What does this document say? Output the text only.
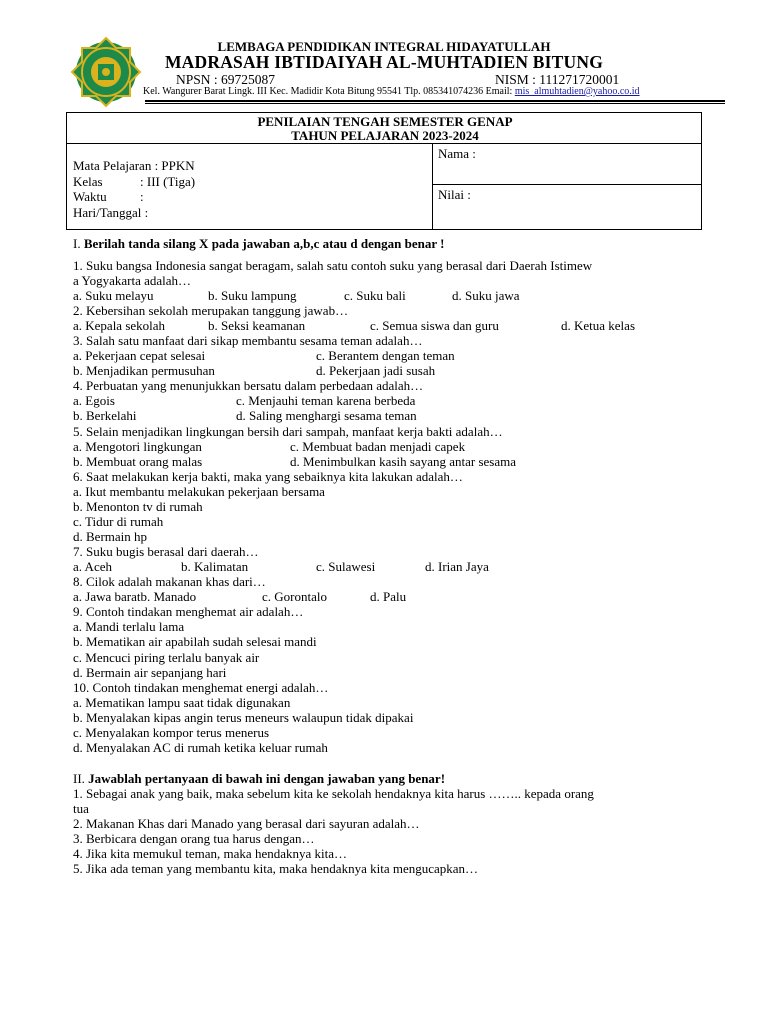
LEMBAGA PENDIDIKAN INTEGRAL HIDAYATULLAH
MADRASAH IBTIDAIYAH AL-MUHTADIEN BITUNG
NPSN : 69725087	NISM : 111271720001
Kel. Wangurer Barat Lingk. III Kec. Madidir Kota Bitung 95541 Tlp. 085341074236 Email: mis_almuhtadien@yahoo.co.id
PENILAIAN TENGAH SEMESTER GENAP
TAHUN PELAJARAN 2023-2024
Mata Pelajaran : PPKN
Kelas	: III (Tiga)
Waktu	:
Hari/Tanggal :
Nama :
Nilai :
I. Berilah tanda silang X pada jawaban a,b,c atau d dengan benar !
1. Suku bangsa Indonesia sangat beragam, salah satu contoh suku yang berasal dari Daerah Istimew
a Yogyakarta adalah…
a. Suku melayu	b. Suku lampung	c. Suku bali	d. Suku jawa
2. Kebersihan sekolah merupakan tanggung jawab…
a. Kepala sekolah	b. Seksi keamanan	c. Semua siswa dan guru	d. Ketua kelas
3. Salah satu manfaat dari sikap membantu sesama teman adalah…
a. Pekerjaan cepat selesai	c. Berantem dengan teman
b. Menjadikan permusuhan	d. Pekerjaan jadi susah
4. Perbuatan yang menunjukkan bersatu dalam perbedaan adalah…
a. Egois	c. Menjauhi teman karena berbeda
b. Berkelahi	d. Saling menghargi sesama teman
5. Selain menjadikan lingkungan bersih dari sampah, manfaat kerja bakti adalah…
a. Mengotori lingkungan	c. Membuat badan menjadi capek
b. Membuat orang malas	d. Menimbulkan kasih sayang antar sesama
6. Saat melakukan kerja bakti, maka yang sebaiknya kita lakukan adalah…
a. Ikut membantu melakukan pekerjaan bersama
b. Menonton tv di rumah
c. Tidur di rumah
d. Bermain hp
7. Suku bugis berasal dari daerah…
a. Aceh	b. Kalimatan	c. Sulawesi	d. Irian Jaya
8. Cilok adalah makanan khas dari…
a. Jawa baratb. Manado	c. Gorontalo	d. Palu
9. Contoh tindakan menghemat air adalah…
a. Mandi terlalu lama
b. Mematikan air apabilah sudah selesai mandi
c. Mencuci piring terlalu banyak air
d. Bermain air sepanjang hari
10. Contoh tindakan menghemat energi adalah…
a. Mematikan lampu saat tidak digunakan
b. Menyalakan kipas angin terus meneurs walaupun tidak dipakai
c. Menyalakan kompor terus menerus
d. Menyalakan AC di rumah ketika keluar rumah
II. Jawablah pertanyaan di bawah ini dengan jawaban yang benar!
1. Sebagai anak yang baik, maka sebelum kita ke sekolah hendaknya kita harus …….. kepada orang
tua
2. Makanan Khas dari Manado yang berasal dari sayuran adalah…
3. Berbicara dengan orang tua harus dengan…
4. Jika kita memukul teman, maka hendaknya kita…
5. Jika ada teman yang membantu kita, maka hendaknya kita mengucapkan…
